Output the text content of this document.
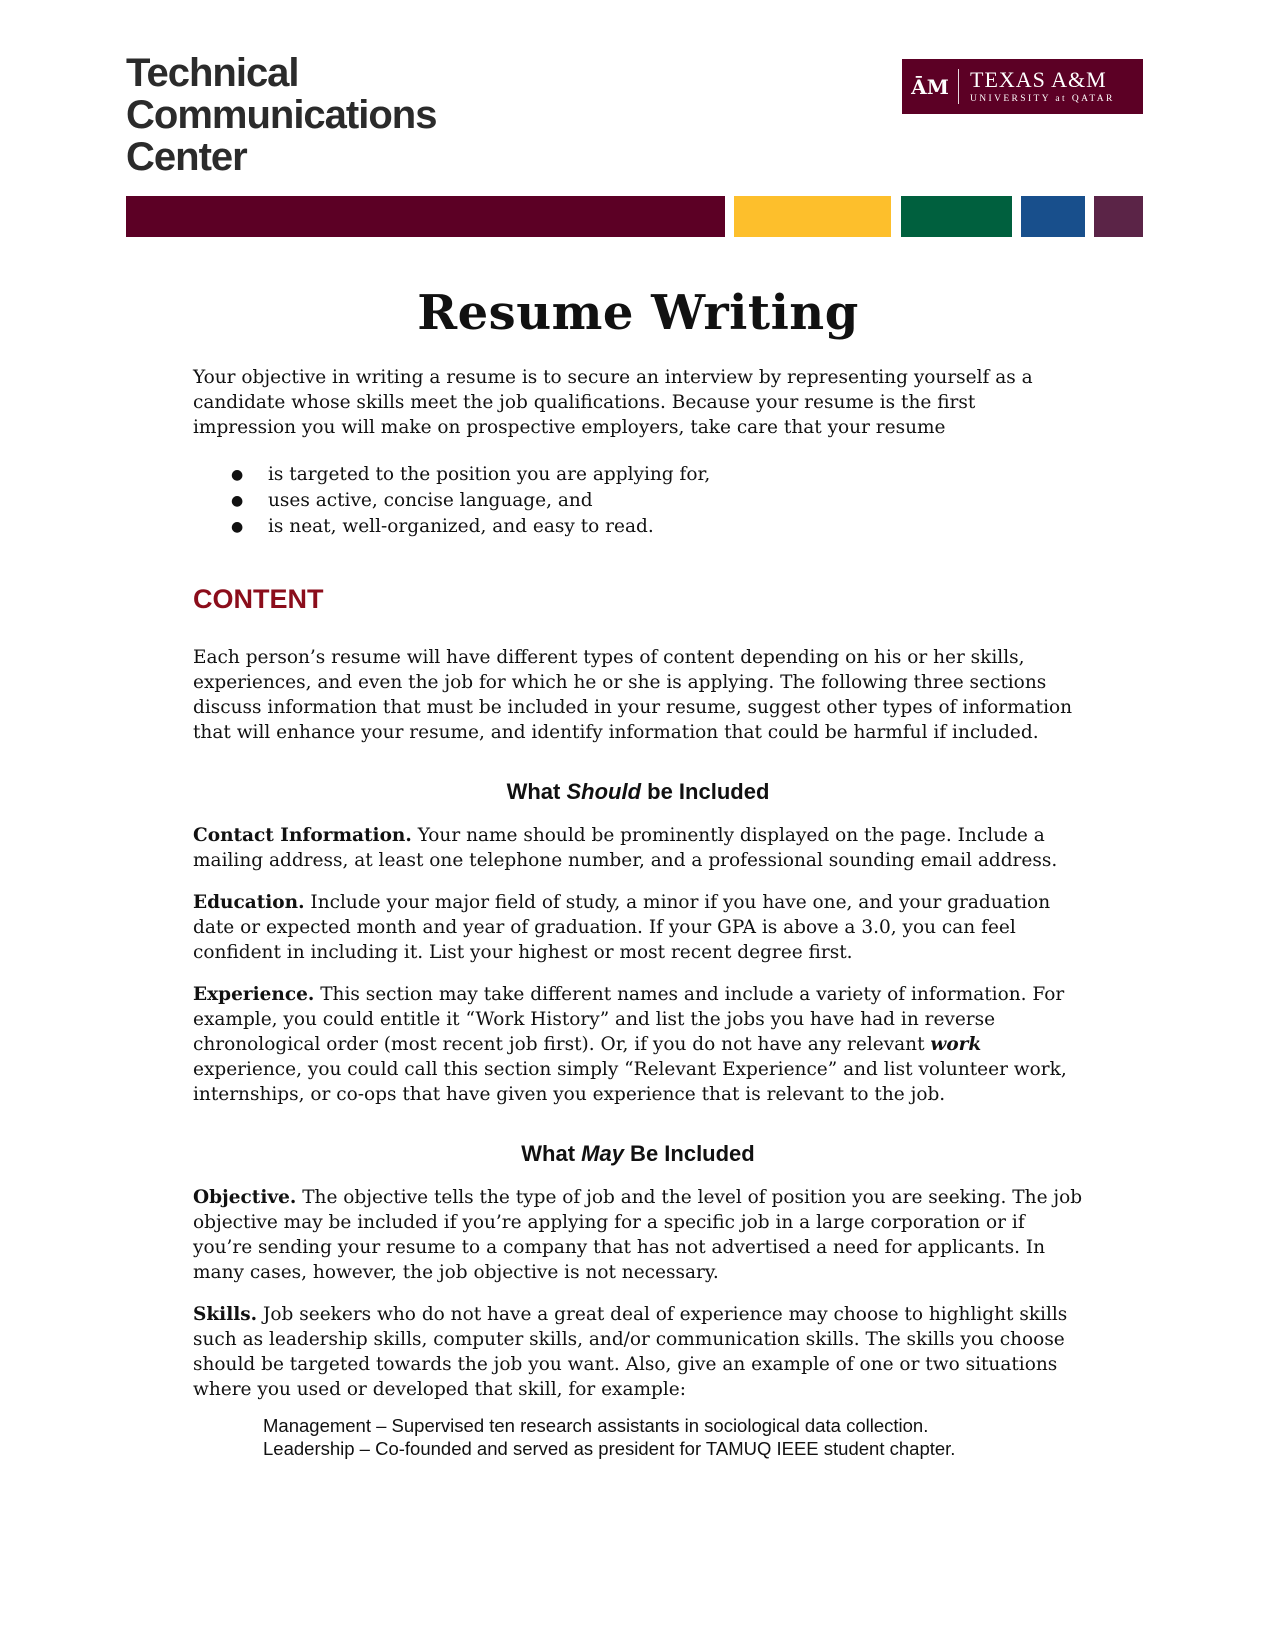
Technical
Communications
Center
ĀM TEXAS A&M
UNIVERSITY at QATAR
Resume Writing

Your objective in writing a resume is to secure an interview by representing yourself as a candidate whose skills meet the job qualifications. Because your resume is the first impression you will make on prospective employers, take care that your resume

● is targeted to the position you are applying for,
● uses active, concise language, and
● is neat, well-organized, and easy to read.
CONTENT

Each person’s resume will have different types of content depending on his or her skills, experiences, and even the job for which he or she is applying. The following three sections discuss information that must be included in your resume, suggest other types of information that will enhance your resume, and identify information that could be harmful if included.

What Should be Included

Contact Information. Your name should be prominently displayed on the page. Include a mailing address, at least one telephone number, and a professional sounding email address.

Education. Include your major field of study, a minor if you have one, and your graduation date or expected month and year of graduation. If your GPA is above a 3.0, you can feel confident in including it. List your highest or most recent degree first.

Experience. This section may take different names and include a variety of information. For example, you could entitle it “Work History” and list the jobs you have had in reverse chronological order (most recent job first). Or, if you do not have any relevant work experience, you could call this section simply “Relevant Experience” and list volunteer work, internships, or co-ops that have given you experience that is relevant to the job.

What May Be Included

Objective. The objective tells the type of job and the level of position you are seeking. The job objective may be included if you’re applying for a specific job in a large corporation or if you’re sending your resume to a company that has not advertised a need for applicants. In many cases, however, the job objective is not necessary.

Skills. Job seekers who do not have a great deal of experience may choose to highlight skills such as leadership skills, computer skills, and/or communication skills. The skills you choose should be targeted towards the job you want. Also, give an example of one or two situations where you used or developed that skill, for example:

Management – Supervised ten research assistants in sociological data collection.
Leadership – Co-founded and served as president for TAMUQ IEEE student chapter.
